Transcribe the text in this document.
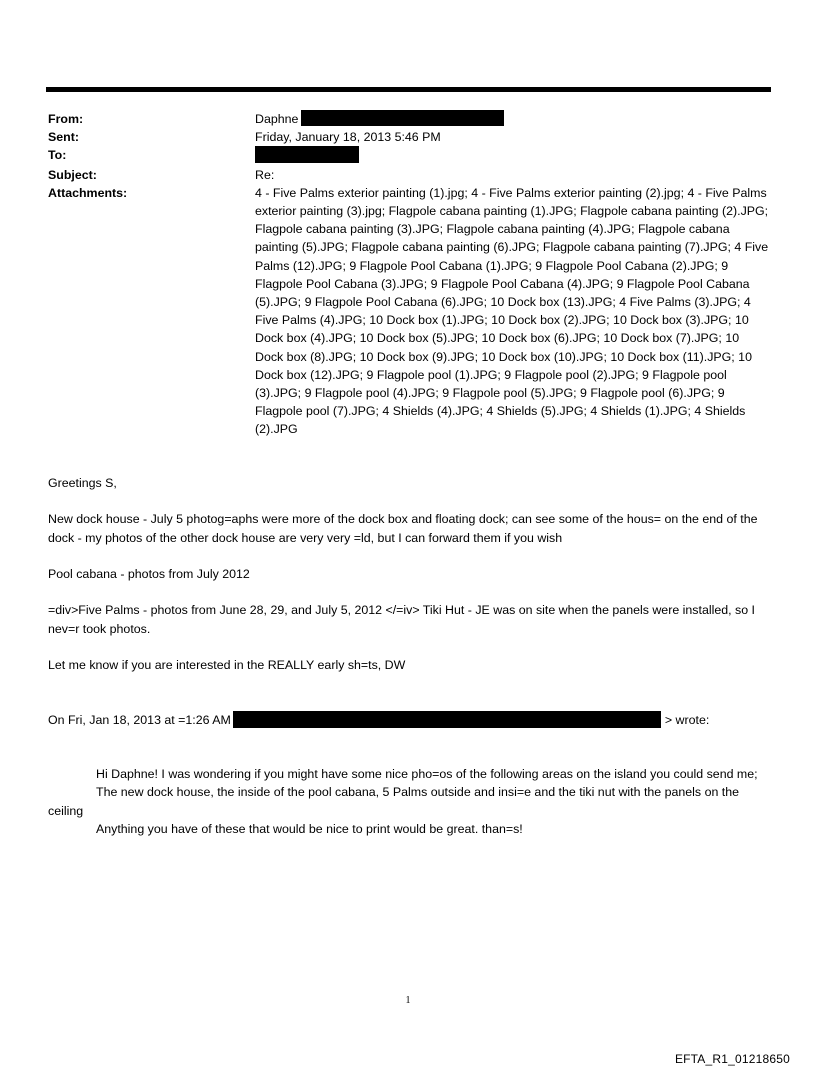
From:	Daphne
Sent:	Friday, January 18, 2013 5:46 PM
To:
Subject:	Re:
Attachments:	4 - Five Palms exterior painting (1).jpg; 4 - Five Palms exterior painting (2).jpg; 4 - Five Palms exterior painting (3).jpg; Flagpole cabana painting (1).JPG; Flagpole cabana painting (2).JPG; Flagpole cabana painting (3).JPG; Flagpole cabana painting (4).JPG; Flagpole cabana painting (5).JPG; Flagpole cabana painting (6).JPG; Flagpole cabana painting (7).JPG; 4 Five Palms (12).JPG; 9 Flagpole Pool Cabana (1).JPG; 9 Flagpole Pool Cabana (2).JPG; 9 Flagpole Pool Cabana (3).JPG; 9 Flagpole Pool Cabana (4).JPG; 9 Flagpole Pool Cabana (5).JPG; 9 Flagpole Pool Cabana (6).JPG; 10 Dock box (13).JPG; 4 Five Palms (3).JPG; 4 Five Palms (4).JPG; 10 Dock box (1).JPG; 10 Dock box (2).JPG; 10 Dock box (3).JPG; 10 Dock box (4).JPG; 10 Dock box (5).JPG; 10 Dock box (6).JPG; 10 Dock box (7).JPG; 10 Dock box (8).JPG; 10 Dock box (9).JPG; 10 Dock box (10).JPG; 10 Dock box (11).JPG; 10 Dock box (12).JPG; 9 Flagpole pool (1).JPG; 9 Flagpole pool (2).JPG; 9 Flagpole pool (3).JPG; 9 Flagpole pool (4).JPG; 9 Flagpole pool (5).JPG; 9 Flagpole pool (6).JPG; 9 Flagpole pool (7).JPG; 4 Shields (4).JPG; 4 Shields (5).JPG; 4 Shields (1).JPG; 4 Shields (2).JPG

Greetings S,

New dock house - July 5 photog=aphs were more of the dock box and floating dock; can see some of the hous= on the end of the dock - my photos of the other dock house are very very =ld, but I can forward them if you wish

Pool cabana - photos from July 2012

=div>Five Palms - photos from June 28, 29, and July 5, 2012 </=iv> Tiki Hut - JE was on site when the panels were installed, so I nev=r took photos.

Let me know if you are interested in the REALLY early sh=ts, DW

On Fri, Jan 18, 2013 at =1:26 AM	> wrote:

Hi Daphne! I was wondering if you might have some nice pho=os of the following areas on the island you could send me;

The new dock house, the inside of the pool cabana, 5 Palms outside and insi=e and the tiki nut with the panels on the ceiling

Anything you have of these that would be nice to print would be great. than=s!

1
EFTA_R1_01218650
